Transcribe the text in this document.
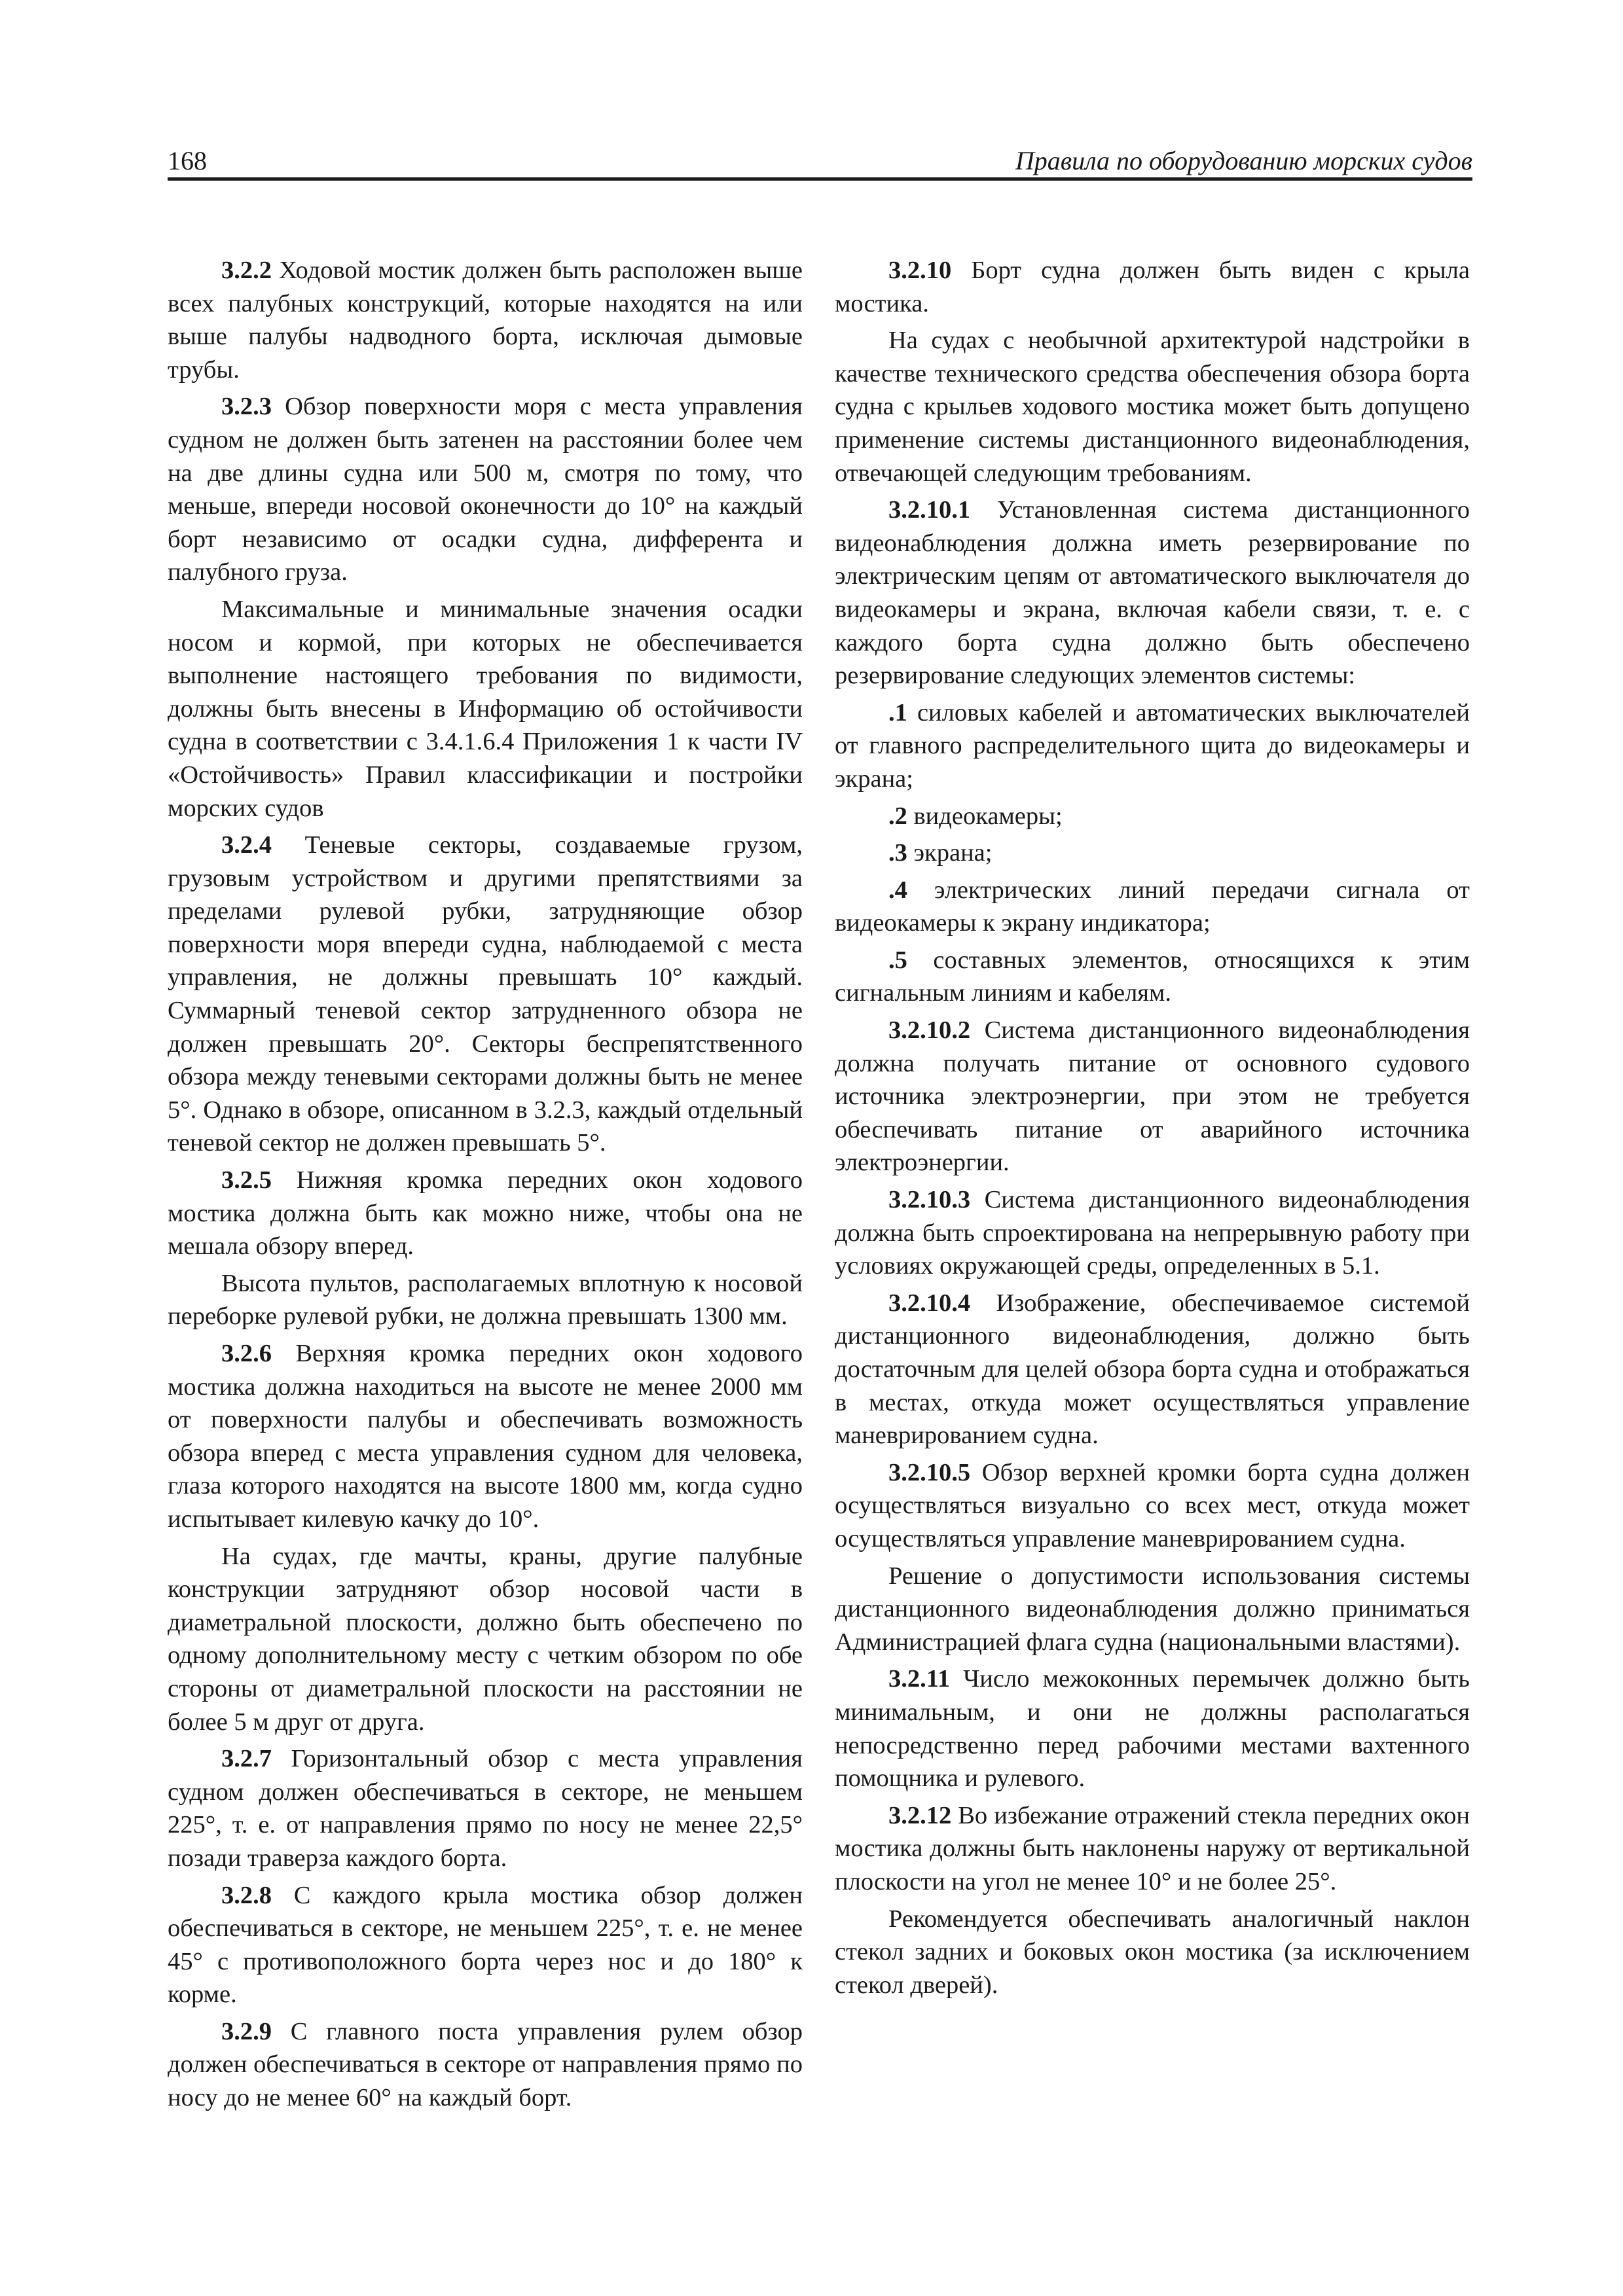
168	Правила по оборудованию морских судов

3.2.2 Ходовой мостик должен быть расположен выше всех палубных конструкций, которые находятся на или выше палубы надводного борта, исключая дымовые трубы.

3.2.3 Обзор поверхности моря с места управления судном не должен быть затенен на расстоянии более чем на две длины судна или 500 м, смотря по тому, что меньше, впереди носовой оконечности до 10° на каждый борт независимо от осадки судна, дифферента и палубного груза.

Максимальные и минимальные значения осадки носом и кормой, при которых не обеспечивается выполнение настоящего требования по видимости, должны быть внесены в Информацию об остойчивости судна в соответствии с 3.4.1.6.4 Приложения 1 к части IV «Остойчивость» Правил классификации и постройки морских судов

3.2.4 Теневые секторы, создаваемые грузом, грузовым устройством и другими препятствиями за пределами рулевой рубки, затрудняющие обзор поверхности моря впереди судна, наблюдаемой с места управления, не должны превышать 10° каждый. Суммарный теневой сектор затрудненного обзора не должен превышать 20°. Секторы беспрепятственного обзора между теневыми секторами должны быть не менее 5°. Однако в обзоре, описанном в 3.2.3, каждый отдельный теневой сектор не должен превышать 5°.

3.2.5 Нижняя кромка передних окон ходового мостика должна быть как можно ниже, чтобы она не мешала обзору вперед.

Высота пультов, располагаемых вплотную к носовой переборке рулевой рубки, не должна превышать 1300 мм.

3.2.6 Верхняя кромка передних окон ходового мостика должна находиться на высоте не менее 2000 мм от поверхности палубы и обеспечивать возможность обзора вперед с места управления судном для человека, глаза которого находятся на высоте 1800 мм, когда судно испытывает килевую качку до 10°.

На судах, где мачты, краны, другие палубные конструкции затрудняют обзор носовой части в диаметральной плоскости, должно быть обеспечено по одному дополнительному месту с четким обзором по обе стороны от диаметральной плоскости на расстоянии не более 5 м друг от друга.

3.2.7 Горизонтальный обзор с места управления судном должен обеспечиваться в секторе, не меньшем 225°, т. е. от направления прямо по носу не менее 22,5° позади траверза каждого борта.

3.2.8 С каждого крыла мостика обзор должен обеспечиваться в секторе, не меньшем 225°, т. е. не менее 45° с противоположного борта через нос и до 180° к корме.

3.2.9 С главного поста управления рулем обзор должен обеспечиваться в секторе от направления прямо по носу до не менее 60° на каждый борт.

3.2.10 Борт судна должен быть виден с крыла мостика.

На судах с необычной архитектурой надстройки в качестве технического средства обеспечения обзора борта судна с крыльев ходового мостика может быть допущено применение системы дистанционного видеонаблюдения, отвечающей следующим требованиям.

3.2.10.1 Установленная система дистанционного видеонаблюдения должна иметь резервирование по электрическим цепям от автоматического выключателя до видеокамеры и экрана, включая кабели связи, т. е. с каждого борта судна должно быть обеспечено резервирование следующих элементов системы:

.1 силовых кабелей и автоматических выключателей от главного распределительного щита до видеокамеры и экрана;

.2 видеокамеры;

.3 экрана;

.4 электрических линий передачи сигнала от видеокамеры к экрану индикатора;

.5 составных элементов, относящихся к этим сигнальным линиям и кабелям.

3.2.10.2 Система дистанционного видеонаблюдения должна получать питание от основного судового источника электроэнергии, при этом не требуется обеспечивать питание от аварийного источника электроэнергии.

3.2.10.3 Система дистанционного видеонаблюдения должна быть спроектирована на непрерывную работу при условиях окружающей среды, определенных в 5.1.

3.2.10.4 Изображение, обеспечиваемое системой дистанционного видеонаблюдения, должно быть достаточным для целей обзора борта судна и отображаться в местах, откуда может осуществляться управление маневрированием судна.

3.2.10.5 Обзор верхней кромки борта судна должен осуществляться визуально со всех мест, откуда может осуществляться управление маневрированием судна.

Решение о допустимости использования системы дистанционного видеонаблюдения должно приниматься Администрацией флага судна (национальными властями).

3.2.11 Число межоконных перемычек должно быть минимальным, и они не должны располагаться непосредственно перед рабочими местами вахтенного помощника и рулевого.

3.2.12 Во избежание отражений стекла передних окон мостика должны быть наклонены наружу от вертикальной плоскости на угол не менее 10° и не более 25°.

Рекомендуется обеспечивать аналогичный наклон стекол задних и боковых окон мостика (за исключением стекол дверей).
